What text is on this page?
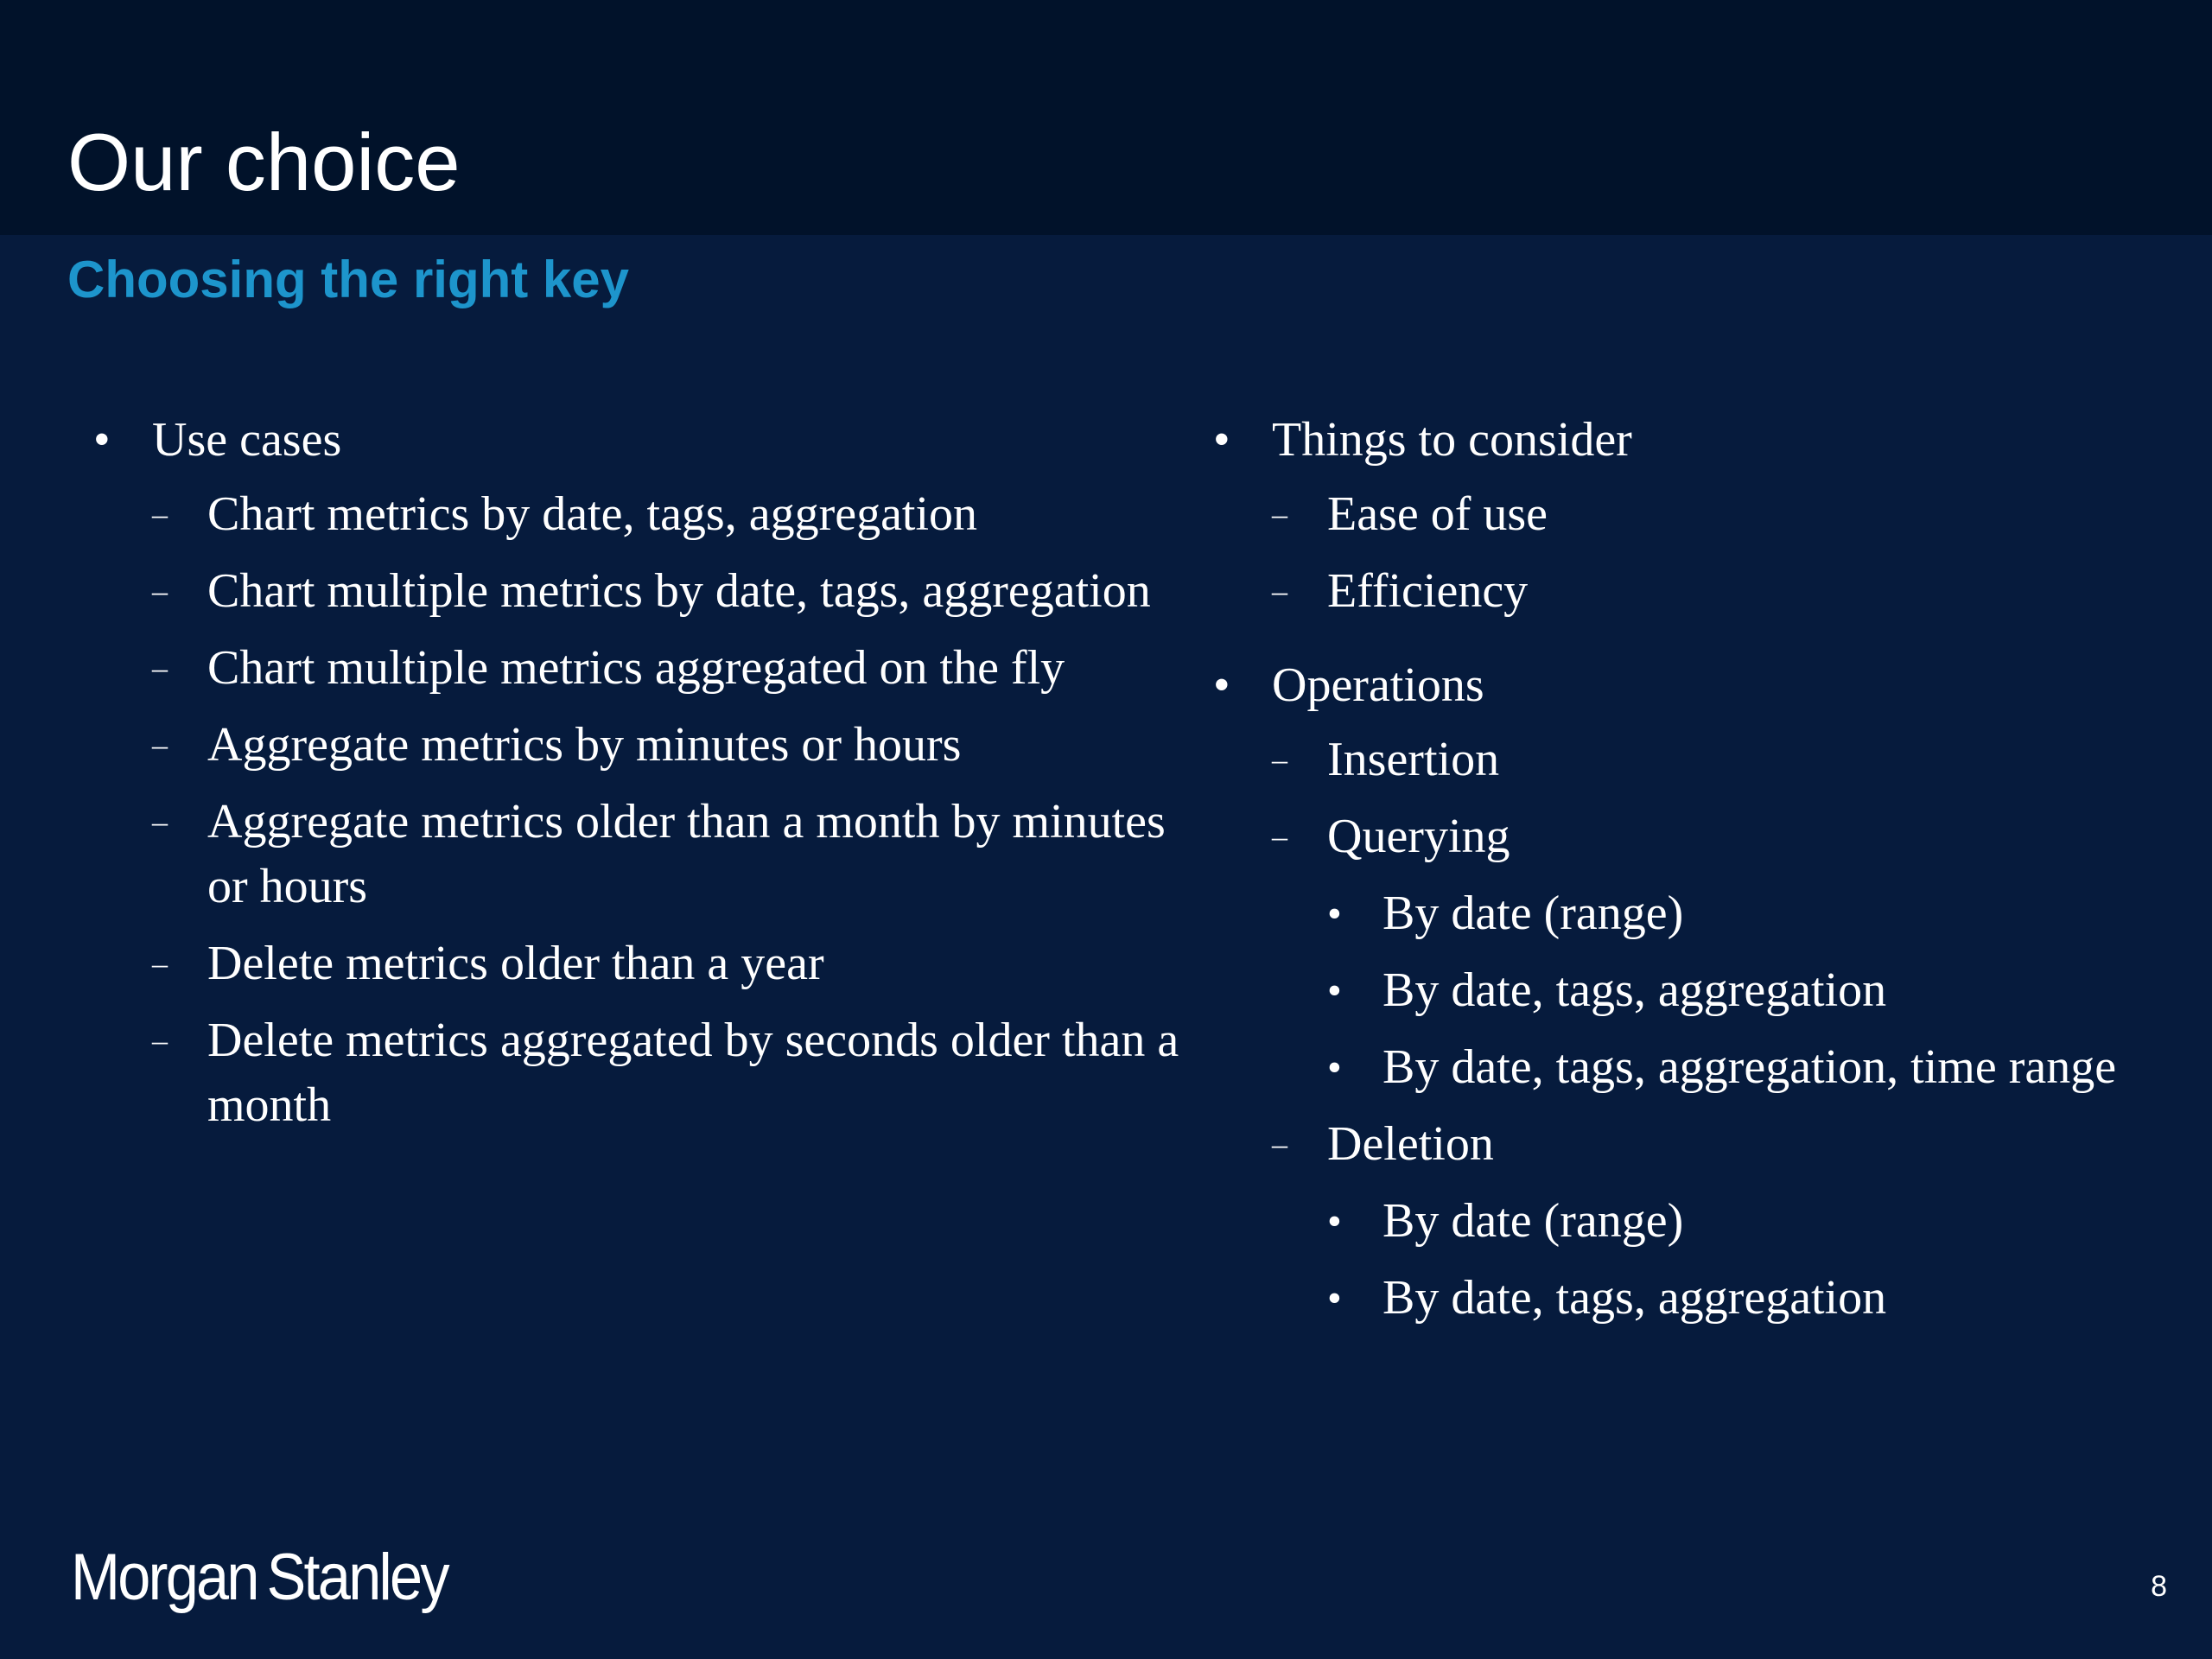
Our choice
Choosing the right key
• Use cases
– Chart metrics by date, tags, aggregation
– Chart multiple metrics by date, tags, aggregation
– Chart multiple metrics aggregated on the fly
– Aggregate metrics by minutes or hours
– Aggregate metrics older than a month by minutes or hours
– Delete metrics older than a year
– Delete metrics aggregated by seconds older than a month
• Things to consider
– Ease of use
– Efficiency
• Operations
– Insertion
– Querying
• By date (range)
• By date, tags, aggregation
• By date, tags, aggregation, time range
– Deletion
• By date (range)
• By date, tags, aggregation
Morgan Stanley	8
